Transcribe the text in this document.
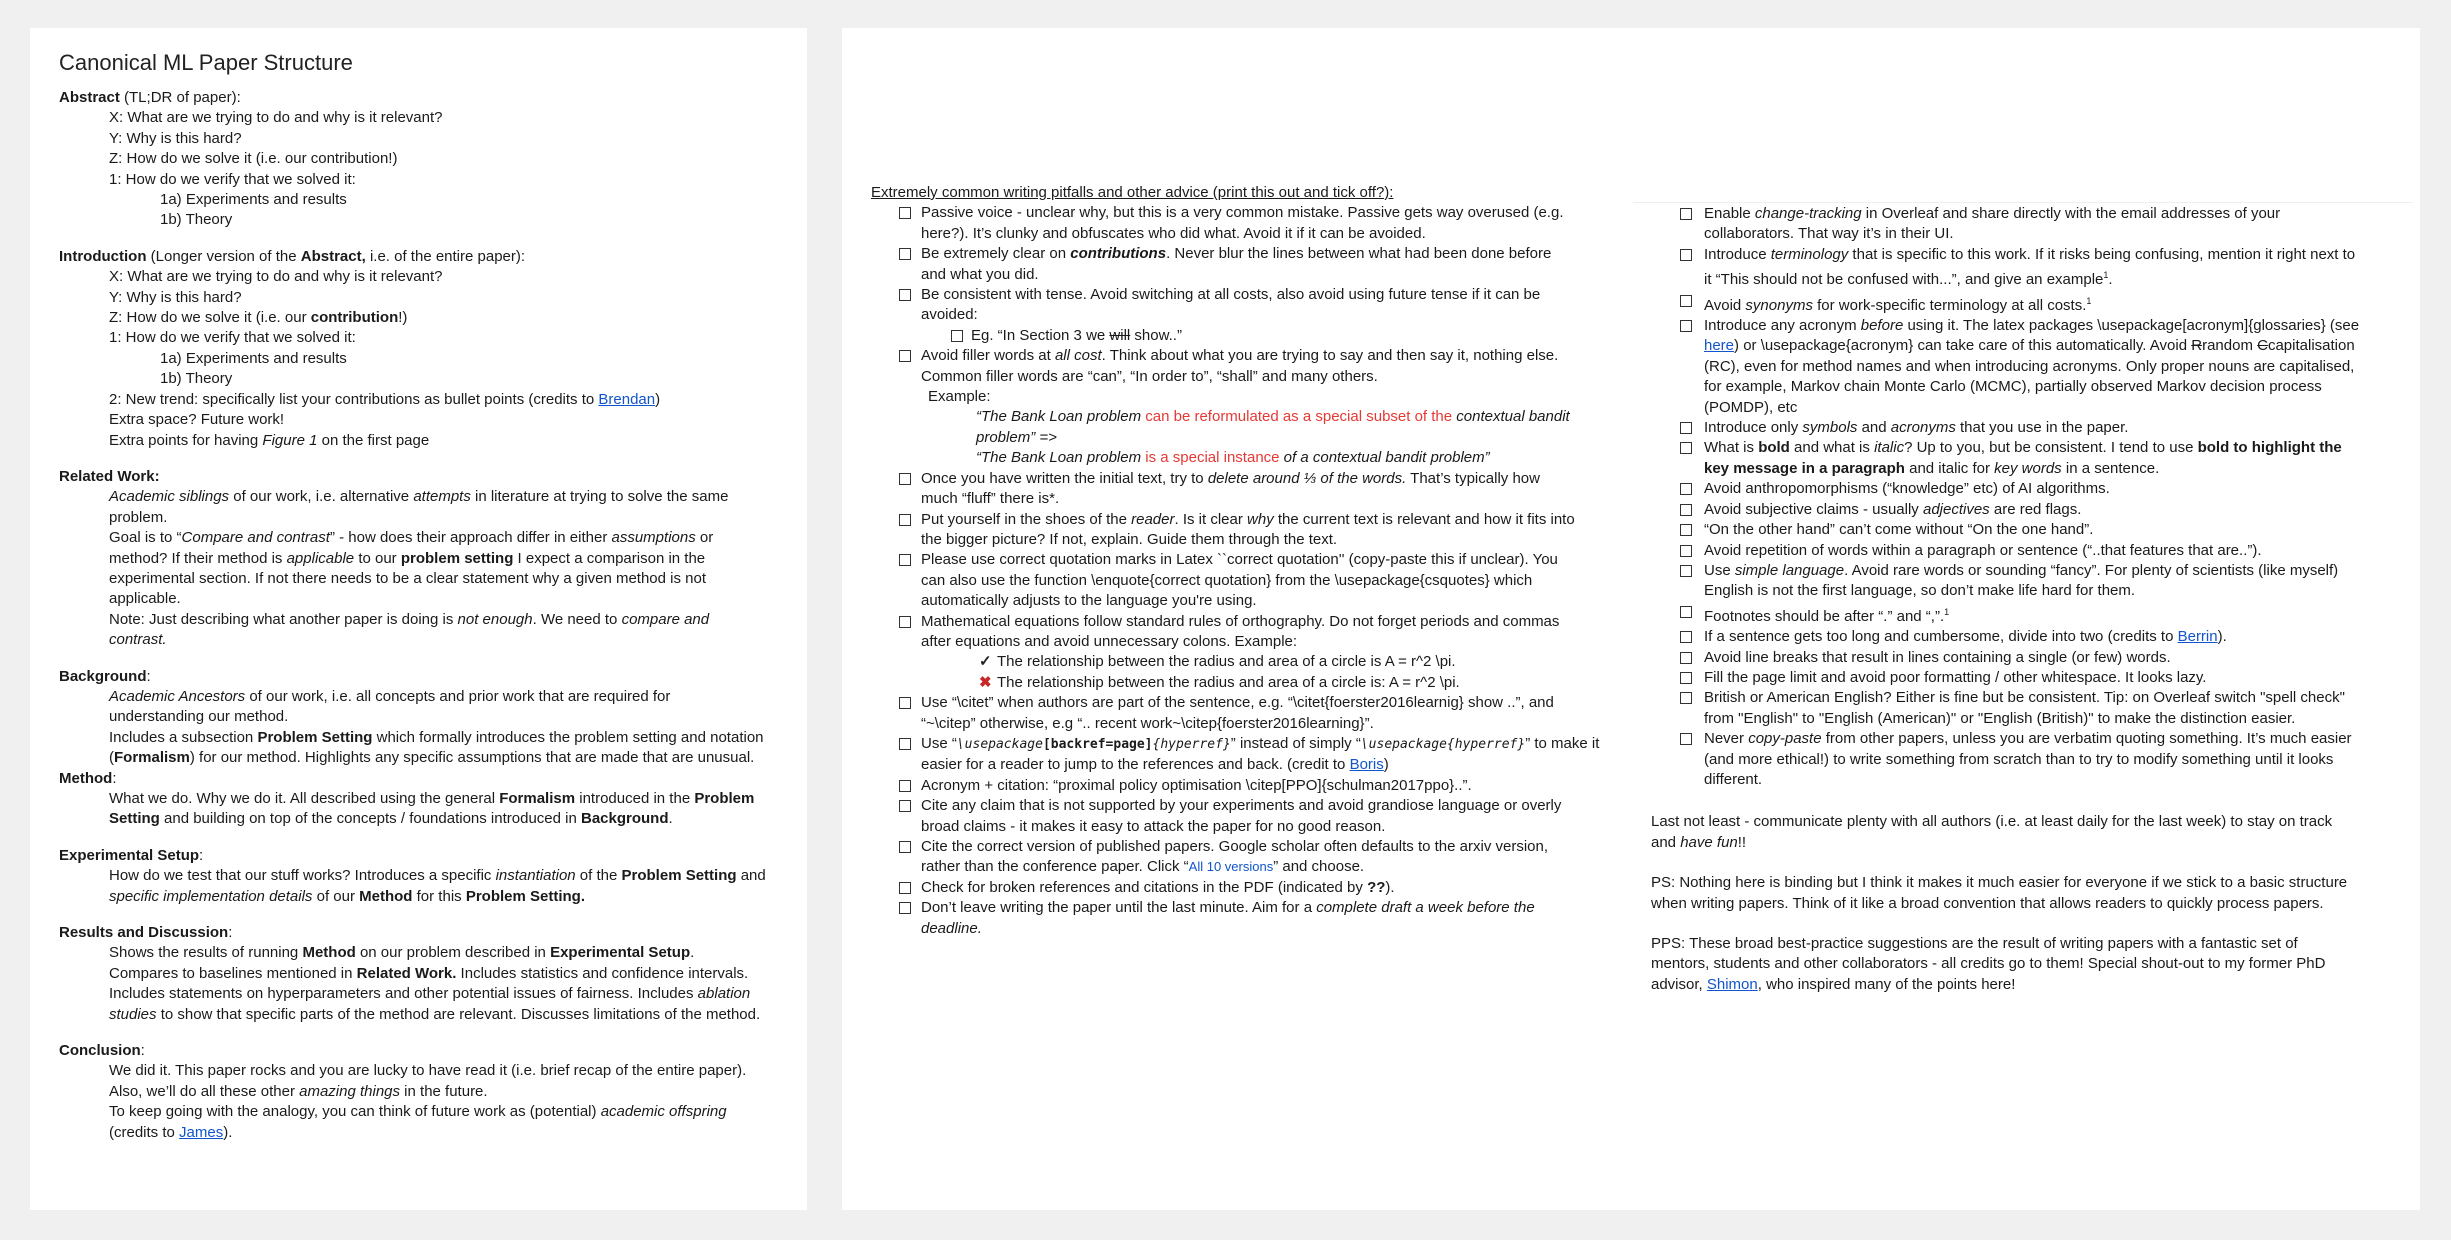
Canonical ML Paper Structure
Abstract (TL;DR of paper):
X: What are we trying to do and why is it relevant?
Y: Why is this hard?
Z: How do we solve it (i.e. our contribution!)
1: How do we verify that we solved it:
1a) Experiments and results
1b) Theory
Introduction (Longer version of the Abstract, i.e. of the entire paper):
X: What are we trying to do and why is it relevant?
Y: Why is this hard?
Z: How do we solve it (i.e. our contribution!)
1: How do we verify that we solved it:
1a) Experiments and results
1b) Theory
2: New trend: specifically list your contributions as bullet points (credits to Brendan)
Extra space? Future work!
Extra points for having Figure 1 on the first page
Related Work:
Academic siblings of our work, i.e. alternative attempts in literature at trying to solve the same
problem.
Goal is to “Compare and contrast” - how does their approach differ in either assumptions or
method? If their method is applicable to our problem setting I expect a comparison in the
experimental section. If not there needs to be a clear statement why a given method is not
applicable.
Note: Just describing what another paper is doing is not enough. We need to compare and
contrast.
Background:
Academic Ancestors of our work, i.e. all concepts and prior work that are required for
understanding our method.
Includes a subsection Problem Setting which formally introduces the problem setting and notation
(Formalism) for our method. Highlights any specific assumptions that are made that are unusual.
Method:
What we do. Why we do it. All described using the general Formalism introduced in the Problem
Setting and building on top of the concepts / foundations introduced in Background.
Experimental Setup:
How do we test that our stuff works? Introduces a specific instantiation of the Problem Setting and
specific implementation details of our Method for this Problem Setting.
Results and Discussion:
Shows the results of running Method on our problem described in Experimental Setup.
Compares to baselines mentioned in Related Work. Includes statistics and confidence intervals.
Includes statements on hyperparameters and other potential issues of fairness. Includes ablation
studies to show that specific parts of the method are relevant. Discusses limitations of the method.
Conclusion:
We did it. This paper rocks and you are lucky to have read it (i.e. brief recap of the entire paper).
Also, we’ll do all these other amazing things in the future.
To keep going with the analogy, you can think of future work as (potential) academic offspring
(credits to James).
Extremely common writing pitfalls and other advice (print this out and tick off?):
Passive voice - unclear why, but this is a very common mistake. Passive gets way overused (e.g.
here?). It’s clunky and obfuscates who did what. Avoid it if it can be avoided.
Be extremely clear on contributions. Never blur the lines between what had been done before
and what you did.
Be consistent with tense. Avoid switching at all costs, also avoid using future tense if it can be
avoided:
Eg. “In Section 3 we will show..”
Avoid filler words at all cost. Think about what you are trying to say and then say it, nothing else.
Common filler words are “can”, “In order to”, “shall” and many others.
Example:
“The Bank Loan problem can be reformulated as a special subset of the contextual bandit
problem” =>
“The Bank Loan problem is a special instance of a contextual bandit problem”
Once you have written the initial text, try to delete around ⅓ of the words. That’s typically how
much “fluff” there is*.
Put yourself in the shoes of the reader. Is it clear why the current text is relevant and how it fits into
the bigger picture? If not, explain. Guide them through the text.
Please use correct quotation marks in Latex ``correct quotation'' (copy-paste this if unclear). You
can also use the function \enquote{correct quotation} from the \usepackage{csquotes} which
automatically adjusts to the language you're using.
Mathematical equations follow standard rules of orthography. Do not forget periods and commas
after equations and avoid unnecessary colons. Example:
✓ The relationship between the radius and area of a circle is A = r^2 \pi.
✖ The relationship between the radius and area of a circle is: A = r^2 \pi.
Use “\citet” when authors are part of the sentence, e.g. “\citet{foerster2016learnig} show ..”, and
“~\citep” otherwise, e.g “.. recent work~\citep{foerster2016learning}”.
Use “\usepackage[backref=page]{hyperref}” instead of simply “\usepackage{hyperref}” to make it
easier for a reader to jump to the references and back. (credit to Boris)
Acronym + citation: “proximal policy optimisation \citep[PPO]{schulman2017ppo}..”.
Cite any claim that is not supported by your experiments and avoid grandiose language or overly
broad claims - it makes it easy to attack the paper for no good reason.
Cite the correct version of published papers. Google scholar often defaults to the arxiv version,
rather than the conference paper. Click “All 10 versions” and choose.
Check for broken references and citations in the PDF (indicated by ??).
Don’t leave writing the paper until the last minute. Aim for a complete draft a week before the
deadline.
Enable change-tracking in Overleaf and share directly with the email addresses of your
collaborators. That way it’s in their UI.
Introduce terminology that is specific to this work. If it risks being confusing, mention it right next to
it “This should not be confused with...”, and give an example$^1$.
Avoid synonyms for work-specific terminology at all costs.$^1$
Introduce any acronym before using it. The latex packages \usepackage[acronym]{glossaries} (see
here) or \usepackage{acronym} can take care of this automatically. Avoid Rrandom Ccapitalisation
(RC), even for method names and when introducing acronyms. Only proper nouns are capitalised,
for example, Markov chain Monte Carlo (MCMC), partially observed Markov decision process
(POMDP), etc
Introduce only symbols and acronyms that you use in the paper.
What is bold and what is italic? Up to you, but be consistent. I tend to use bold to highlight the
key message in a paragraph and italic for key words in a sentence.
Avoid anthropomorphisms (“knowledge” etc) of AI algorithms.
Avoid subjective claims - usually adjectives are red flags.
“On the other hand” can’t come without “On the one hand”.
Avoid repetition of words within a paragraph or sentence (“..that features that are..”).
Use simple language. Avoid rare words or sounding “fancy”. For plenty of scientists (like myself)
English is not the first language, so don’t make life hard for them.
Footnotes should be after “.” and “,”.$^1$
If a sentence gets too long and cumbersome, divide into two (credits to Berrin).
Avoid line breaks that result in lines containing a single (or few) words.
Fill the page limit and avoid poor formatting / other whitespace. It looks lazy.
British or American English? Either is fine but be consistent. Tip: on Overleaf switch "spell check"
from "English" to "English (American)" or "English (British)" to make the distinction easier.
Never copy-paste from other papers, unless you are verbatim quoting something. It’s much easier
(and more ethical!) to write something from scratch than to try to modify something until it looks
different.
Last not least - communicate plenty with all authors (i.e. at least daily for the last week) to stay on track
and have fun!!
PS: Nothing here is binding but I think it makes it much easier for everyone if we stick to a basic structure
when writing papers. Think of it like a broad convention that allows readers to quickly process papers.
PPS: These broad best-practice suggestions are the result of writing papers with a fantastic set of
mentors, students and other collaborators - all credits go to them! Special shout-out to my former PhD
advisor, Shimon, who inspired many of the points here!
